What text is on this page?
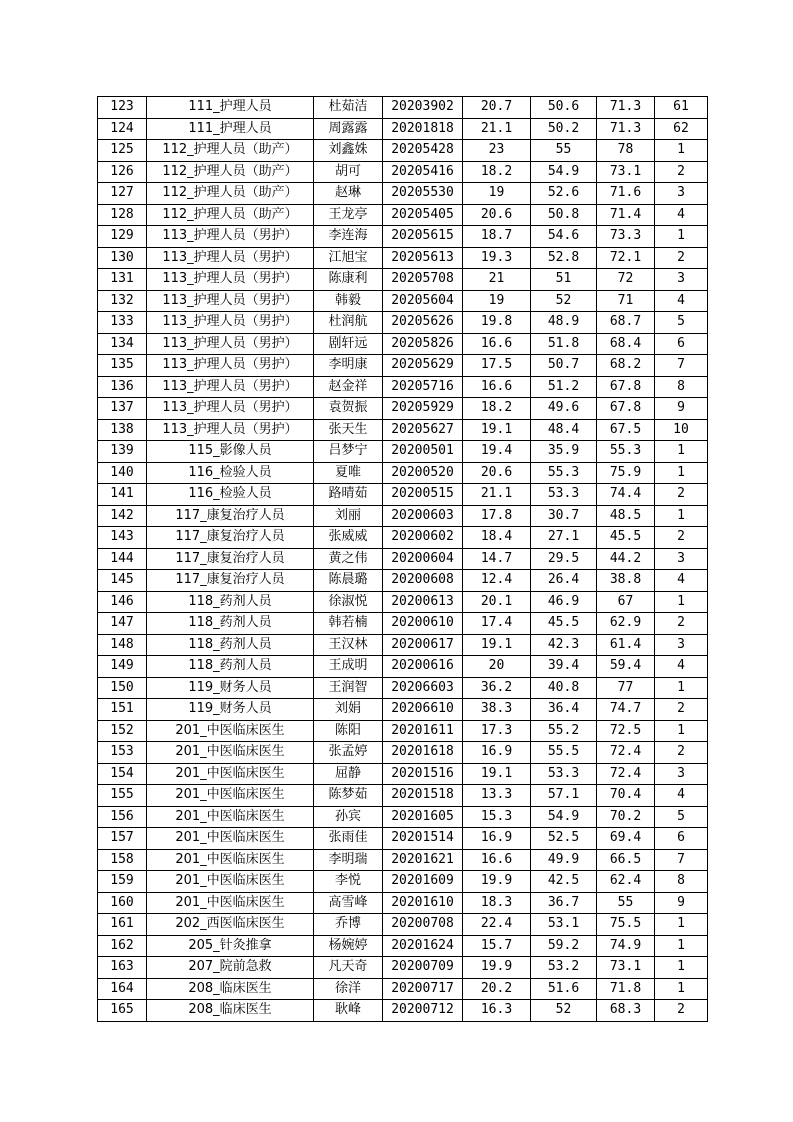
123	111_护理人员	杜茹洁	20203902	20.7	50.6	71.3	61
124	111_护理人员	周露露	20201818	21.1	50.2	71.3	62
125	112_护理人员（助产）	刘鑫姝	20205428	23	55	78	1
126	112_护理人员（助产）	胡可	20205416	18.2	54.9	73.1	2
127	112_护理人员（助产）	赵琳	20205530	19	52.6	71.6	3
128	112_护理人员（助产）	王龙亭	20205405	20.6	50.8	71.4	4
129	113_护理人员（男护）	李连海	20205615	18.7	54.6	73.3	1
130	113_护理人员（男护）	江旭宝	20205613	19.3	52.8	72.1	2
131	113_护理人员（男护）	陈康利	20205708	21	51	72	3
132	113_护理人员（男护）	韩毅	20205604	19	52	71	4
133	113_护理人员（男护）	杜润航	20205626	19.8	48.9	68.7	5
134	113_护理人员（男护）	剧轩远	20205826	16.6	51.8	68.4	6
135	113_护理人员（男护）	李明康	20205629	17.5	50.7	68.2	7
136	113_护理人员（男护）	赵金祥	20205716	16.6	51.2	67.8	8
137	113_护理人员（男护）	袁贺振	20205929	18.2	49.6	67.8	9
138	113_护理人员（男护）	张天生	20205627	19.1	48.4	67.5	10
139	115_影像人员	吕梦宁	20200501	19.4	35.9	55.3	1
140	116_检验人员	夏唯	20200520	20.6	55.3	75.9	1
141	116_检验人员	路晴茹	20200515	21.1	53.3	74.4	2
142	117_康复治疗人员	刘丽	20200603	17.8	30.7	48.5	1
143	117_康复治疗人员	张威威	20200602	18.4	27.1	45.5	2
144	117_康复治疗人员	黄之伟	20200604	14.7	29.5	44.2	3
145	117_康复治疗人员	陈晨璐	20200608	12.4	26.4	38.8	4
146	118_药剂人员	徐淑悦	20200613	20.1	46.9	67	1
147	118_药剂人员	韩若楠	20200610	17.4	45.5	62.9	2
148	118_药剂人员	王汉林	20200617	19.1	42.3	61.4	3
149	118_药剂人员	王成明	20200616	20	39.4	59.4	4
150	119_财务人员	王润智	20206603	36.2	40.8	77	1
151	119_财务人员	刘娟	20206610	38.3	36.4	74.7	2
152	201_中医临床医生	陈阳	20201611	17.3	55.2	72.5	1
153	201_中医临床医生	张孟婷	20201618	16.9	55.5	72.4	2
154	201_中医临床医生	屈静	20201516	19.1	53.3	72.4	3
155	201_中医临床医生	陈梦茹	20201518	13.3	57.1	70.4	4
156	201_中医临床医生	孙宾	20201605	15.3	54.9	70.2	5
157	201_中医临床医生	张雨佳	20201514	16.9	52.5	69.4	6
158	201_中医临床医生	李明瑞	20201621	16.6	49.9	66.5	7
159	201_中医临床医生	李悦	20201609	19.9	42.5	62.4	8
160	201_中医临床医生	高雪峰	20201610	18.3	36.7	55	9
161	202_西医临床医生	乔博	20200708	22.4	53.1	75.5	1
162	205_针灸推拿	杨婉婷	20201624	15.7	59.2	74.9	1
163	207_院前急救	凡天奇	20200709	19.9	53.2	73.1	1
164	208_临床医生	徐洋	20200717	20.2	51.6	71.8	1
165	208_临床医生	耿峰	20200712	16.3	52	68.3	2
